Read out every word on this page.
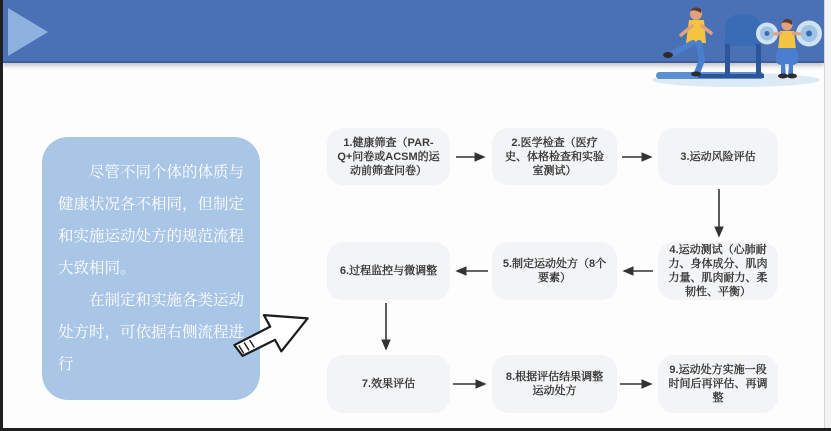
尽管不同个体的体质与健康状况各不相同，但制定和实施运动处方的规范流程大致相同。

在制定和实施各类运动处方时，可依据右侧流程进行

1.健康筛查（PAR-Q+问卷或ACSM的运动前筛查问卷）
2.医学检查（医疗史、体格检查和实验室测试）
3.运动风险评估
4.运动测试（心肺耐力、身体成分、肌肉力量、肌肉耐力、柔韧性、平衡）
5.制定运动处方（8个要素）
6.过程监控与微调整
7.效果评估
8.根据评估结果调整运动处方
9.运动处方实施一段时间后再评估、再调整
